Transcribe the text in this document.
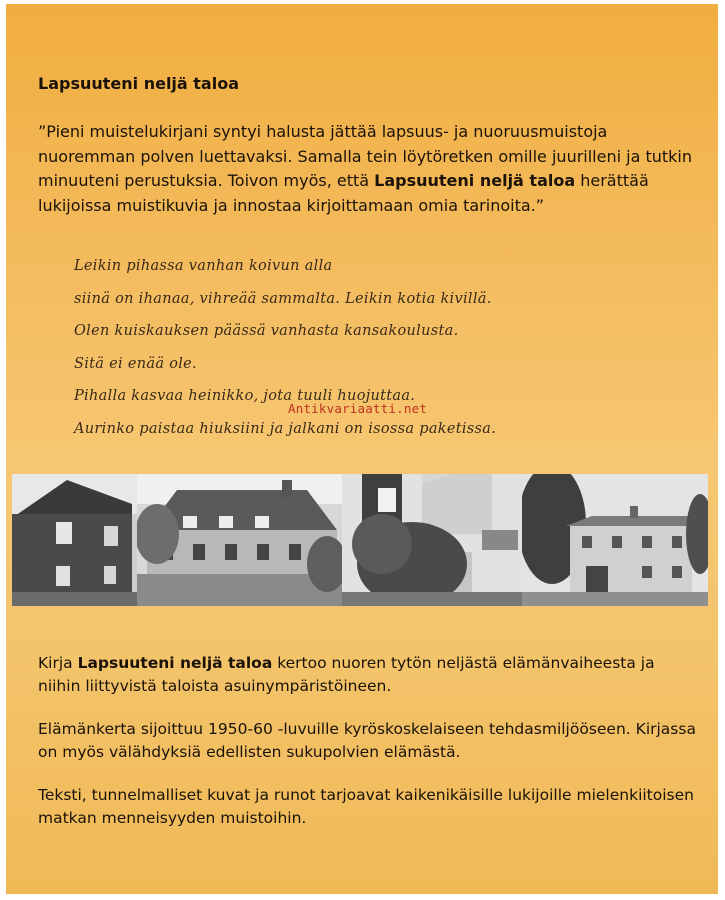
Lapsuuteni neljä taloa

”Pieni muistelukirjani syntyi halusta jättää lapsuus- ja nuoruusmuistoja nuoremman polven luettavaksi. Samalla tein löytöretken omille juurilleni ja tutkin minuuteni perustuksia. Toivon myös, että Lapsuuteni neljä taloa herättää lukijoissa muistikuvia ja innostaa kirjoittamaan omia tarinoita.”

Leikin pihassa vanhan koivun alla
siinä on ihanaa, vihreää sammalta. Leikin kotia kivillä.
Olen kuiskauksen päässä vanhasta kansakoulusta.
Sitä ei enää ole.
Pihalla kasvaa heinikko, jota tuuli huojuttaa.
Aurinko paistaa hiuksiini ja jalkani on isossa paketissa.
Antikvariaatti.net

Kirja Lapsuuteni neljä taloa kertoo nuoren tytön neljästä elämänvaiheesta ja niihin liittyvistä taloista asuinympäristöineen.

Elämänkerta sijoittuu 1950-60 -luvuille kyröskoskelaiseen tehdasmiljööseen. Kirjassa on myös välähdyksiä edellisten sukupolvien elämästä.

Teksti, tunnelmalliset kuvat ja runot tarjoavat kaikenikäisille lukijoille mielenkiitoisen matkan menneisyyden muistoihin.
